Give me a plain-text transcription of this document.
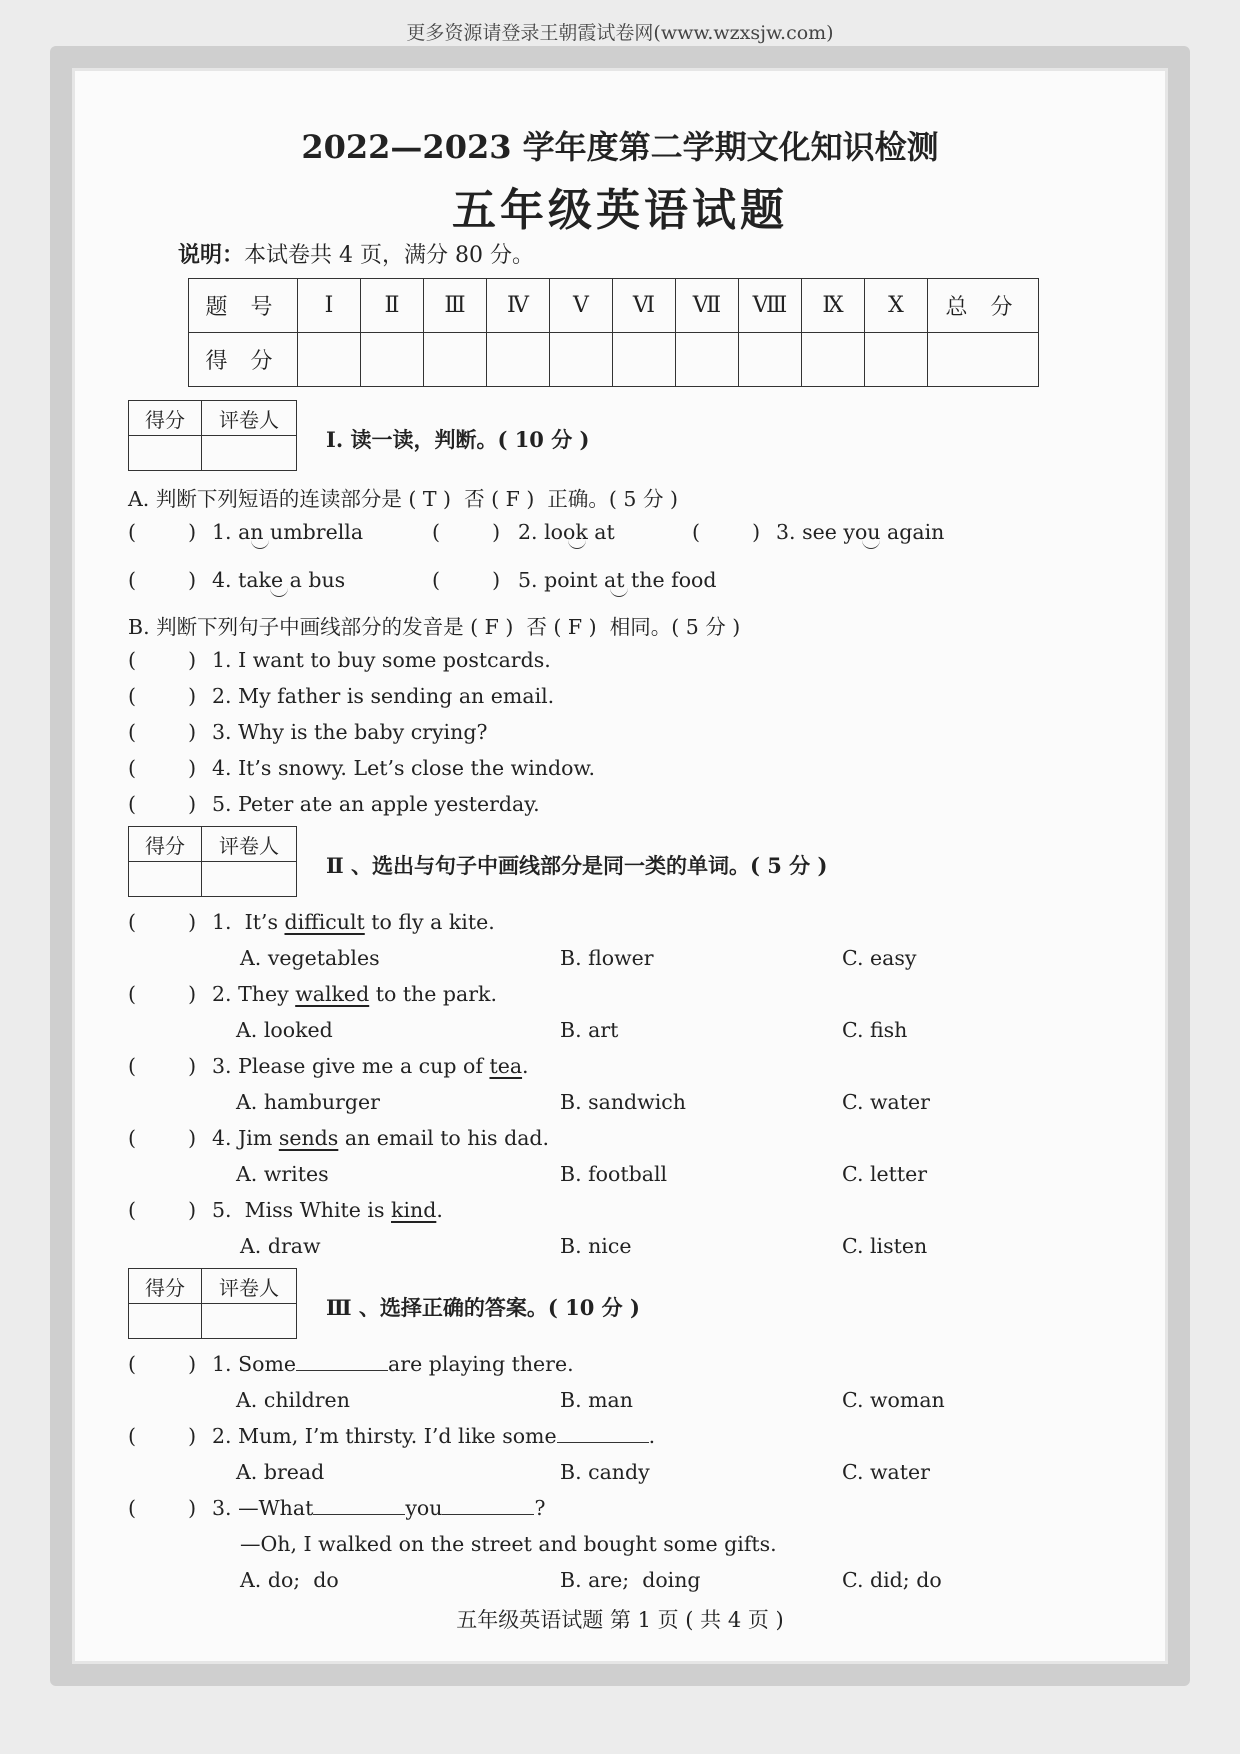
更多资源请登录王朝霞试卷网(www.wzxsjw.com)
2022—2023 学年度第二学期文化知识检测
五年级英语试题
说明：本试卷共 4 页，满分 80 分。
题 号	Ⅰ	Ⅱ	Ⅲ	Ⅳ	Ⅴ	Ⅵ	Ⅶ	Ⅷ	Ⅸ	Ⅹ	总 分
得 分											
得分	评卷人

Ⅰ. 读一读，判断。( 10 分 )
A. 判断下列短语的连读部分是 ( T )  否 ( F )  正确。( 5 分 )
(        ) 1. an umbrella	(        ) 2. look at	(        ) 3. see you again
(        ) 4. take a bus	(        ) 5. point at the food
B. 判断下列句子中画线部分的发音是 ( F )  否 ( F )  相同。( 5 分 )
(        ) 1. I want to buy some postcards.
(        ) 2. My father is sending an email.
(        ) 3. Why is the baby crying?
(        ) 4. It’s snowy. Let’s close the window.
(        ) 5. Peter ate an apple yesterday.
得分	评卷人

Ⅱ 、选出与句子中画线部分是同一类的单词。( 5 分 )
(        ) 1.  It’s difficult to fly a kite.
A. vegetables	B. flower	C. easy
(        ) 2. They walked to the park.
A. looked	B. art	C. fish
(        ) 3. Please give me a cup of tea.
A. hamburger	B. sandwich	C. water
(        ) 4. Jim sends an email to his dad.
A. writes	B. football	C. letter
(        ) 5.  Miss White is kind.
A. draw	B. nice	C. listen
得分	评卷人

Ⅲ 、选择正确的答案。( 10 分 )
(        ) 1. Some	are playing there.
A. children	B. man	C. woman
(        ) 2. Mum, I’m thirsty. I’d like some	.
A. bread	B. candy	C. water
(        ) 3. —What	you	?
—Oh, I walked on the street and bought some gifts.
A. do;  do	B. are;  doing	C. did; do
五年级英语试题 第 1 页 ( 共 4 页 )
